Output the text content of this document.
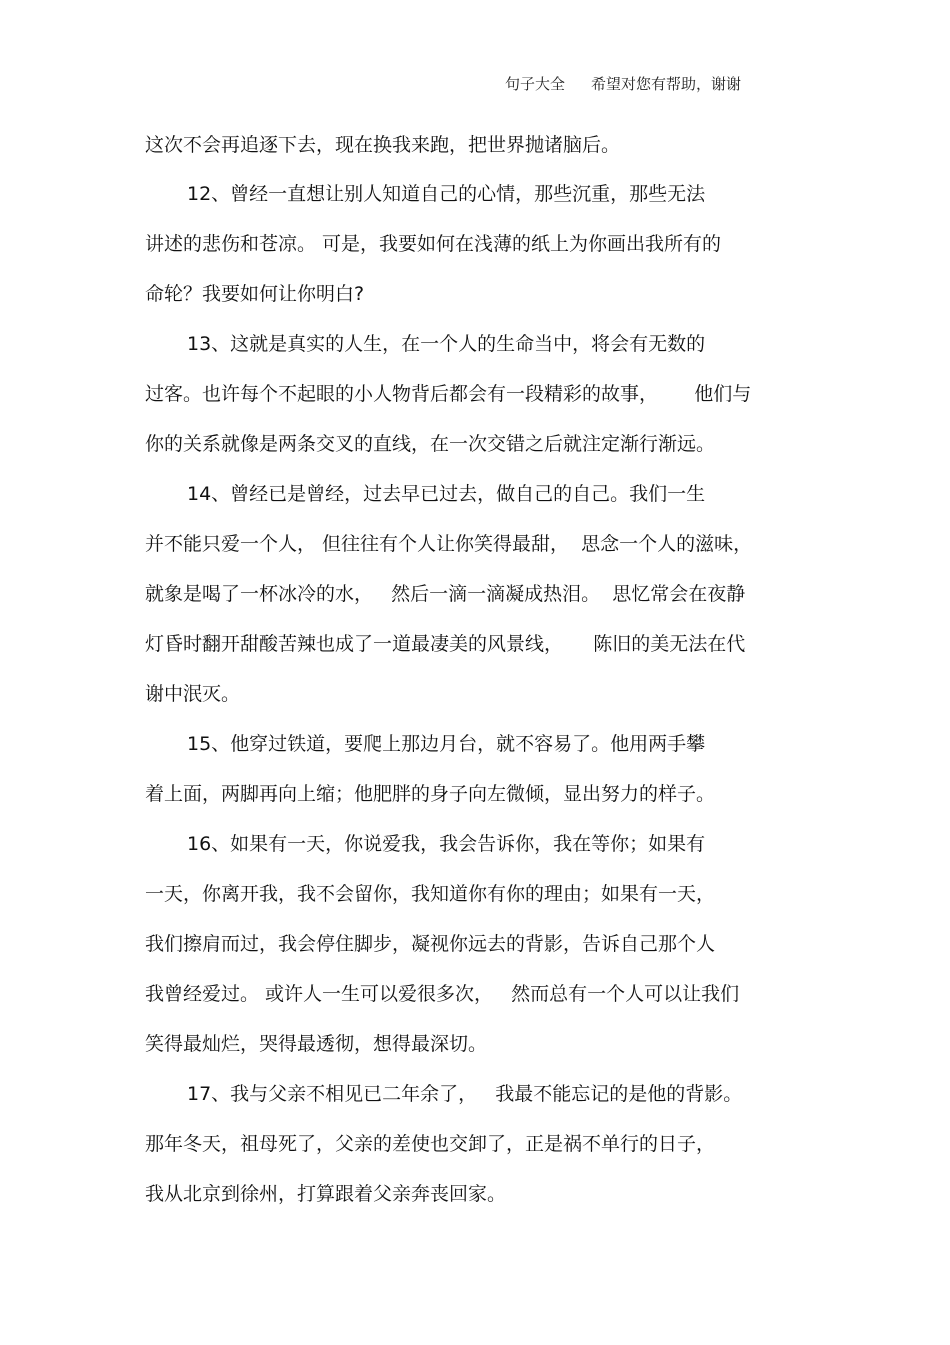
句子大全 希望对您有帮助，谢谢
这次不会再追逐下去，现在换我来跑，把世界抛诸脑后。
12、曾经一直想让别人知道自己的心情，那些沉重，那些无法
讲述的悲伤和苍凉。 可是，我要如何在浅薄的纸上为你画出我所有的
命轮？我要如何让你明白?
13、这就是真实的人生，在一个人的生命当中，将会有无数的
过客。也许每个不起眼的小人物背后都会有一段精彩的故事，      他们与
你的关系就像是两条交叉的直线，在一次交错之后就注定渐行渐远。
14、曾经已是曾经，过去早已过去，做自己的自己。我们一生
并不能只爱一个人， 但往往有个人让你笑得最甜，  思念一个人的滋味，
就象是喝了一杯冰冷的水，   然后一滴一滴凝成热泪。  思忆常会在夜静
灯昏时翻开甜酸苦辣也成了一道最凄美的风景线，     陈旧的美无法在代
谢中泯灭。
15、他穿过铁道，要爬上那边月台，就不容易了。他用两手攀
着上面，两脚再向上缩；他肥胖的身子向左微倾，显出努力的样子。
16、如果有一天，你说爱我，我会告诉你，我在等你；如果有
一天，你离开我，我不会留你，我知道你有你的理由；如果有一天，
我们擦肩而过，我会停住脚步，凝视你远去的背影，告诉自己那个人
我曾经爱过。 或许人一生可以爱很多次，   然而总有一个人可以让我们
笑得最灿烂，哭得最透彻，想得最深切。
17、我与父亲不相见已二年余了，   我最不能忘记的是他的背影。
那年冬天，祖母死了，父亲的差使也交卸了，正是祸不单行的日子，
我从北京到徐州，打算跟着父亲奔丧回家。
